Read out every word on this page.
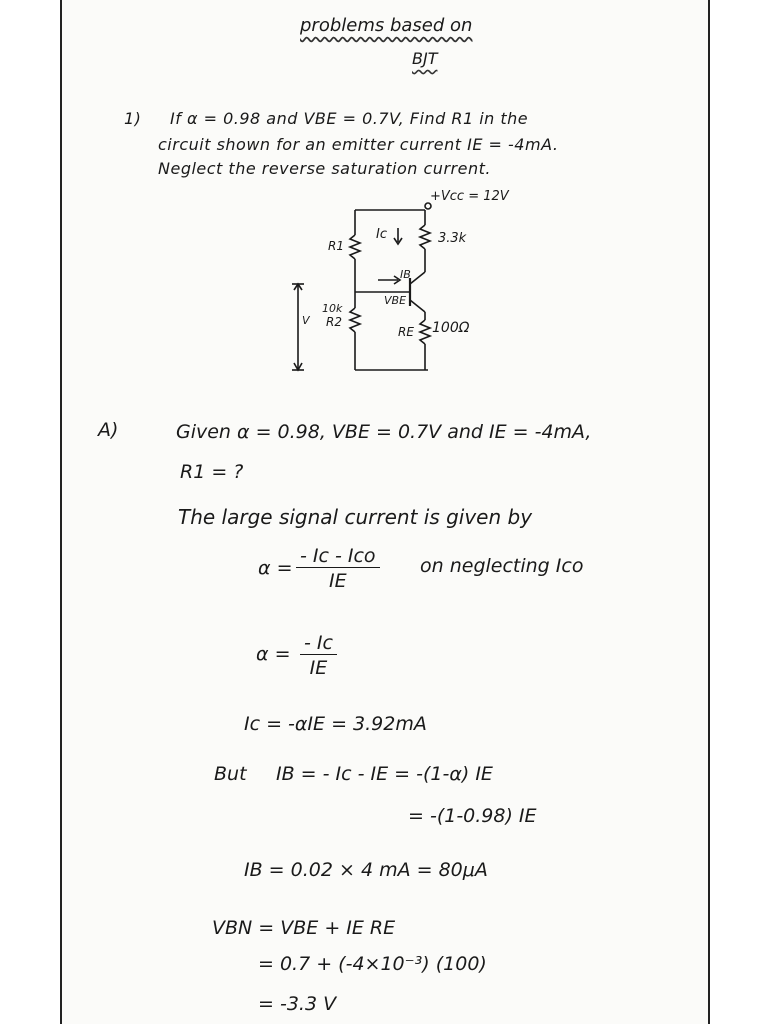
problems based on
BJT
1) If α = 0.98 and VBE = 0.7V, Find R1 in the
circuit shown for an emitter current IE = -4mA.
Neglect the reverse saturation current.
+Vcc = 12V
R1
Ic	3.3k
IB
VBE
10k
R2
V
RE 100Ω
A)	Given α = 0.98, VBE = 0.7V and IE = -4mA,
R1 = ?
The large signal current is given by
α =
- Ic - Ico
IE
on neglecting Ico
$\alpha = \frac{- Ic}{IE}$
Ic = -αIE = 3.92mA
But IB = - Ic - IE = -(1-α) IE
= -(1-0.98) IE
IB = 0.02 × 4 mA = 80μA
VBN = VBE + IE RE
= 0.7 + (-4×10⁻³) (100)
= -3.3 V
